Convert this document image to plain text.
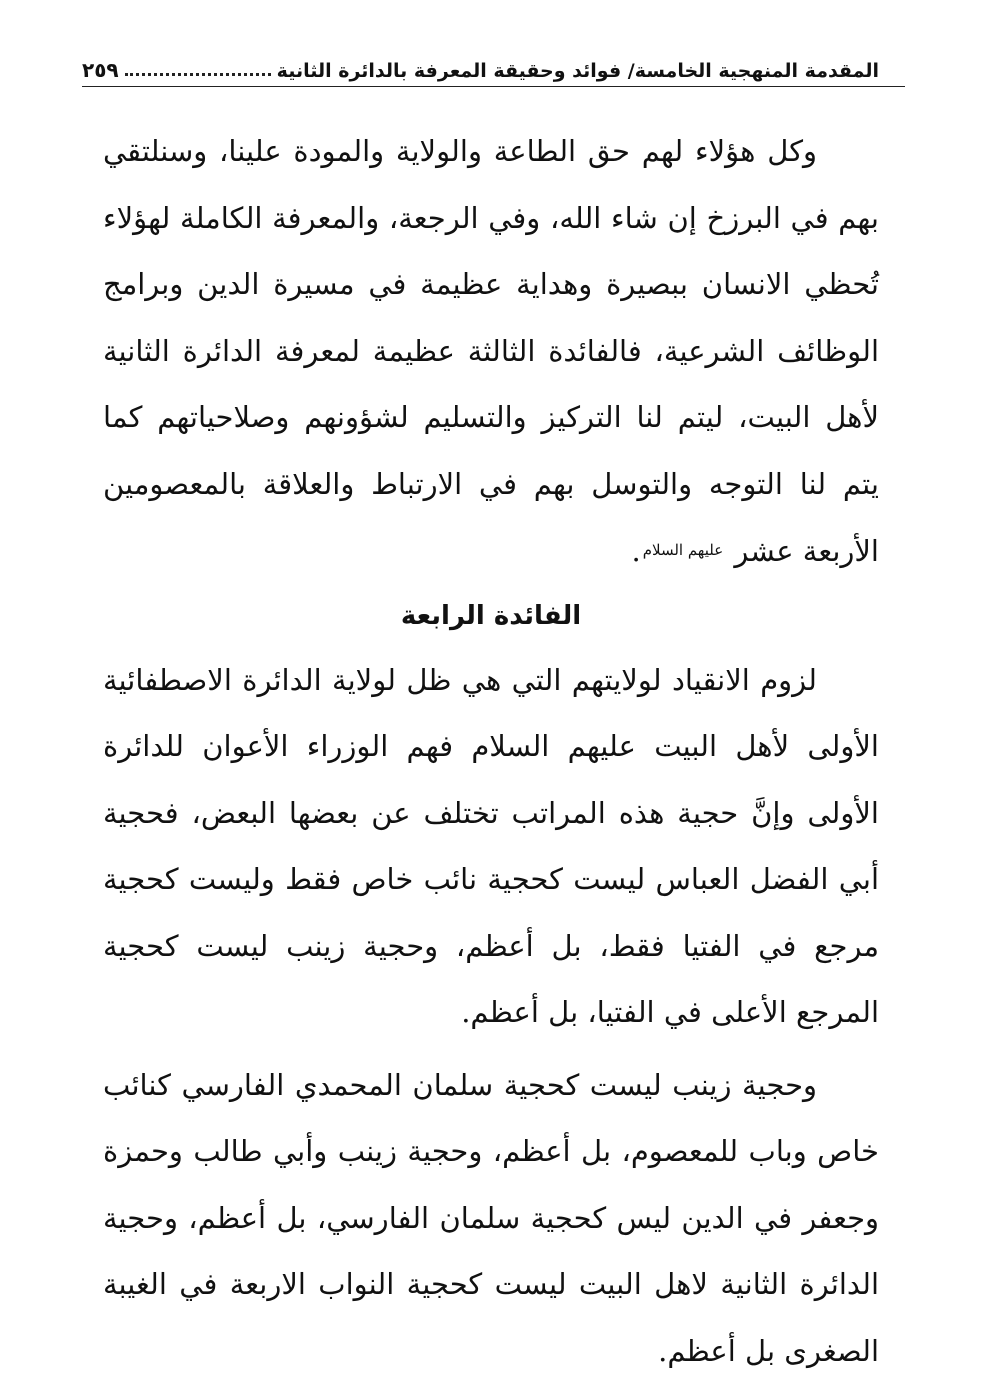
المقدمة المنهجية الخامسة/ فوائد وحقيقة المعرفة بالدائرة الثانية
٢٥٩

وكل هؤلاء لهم حق الطاعة والولاية والمودة علينا، وسنلتقي بهم في البرزخ إن شاء الله، وفي الرجعة، والمعرفة الكاملة لهؤلاء تُحظي الانسان ببصيرة وهداية عظيمة في مسيرة الدين وبرامج الوظائف الشرعية، فالفائدة الثالثة عظيمة لمعرفة الدائرة الثانية لأهل البيت، ليتم لنا التركيز والتسليم لشؤونهم وصلاحياتهم كما يتم لنا التوجه والتوسل بهم في الارتباط والعلاقة بالمعصومين الأربعة عشر $^{عليهم السلام}$.

الفائدة الرابعة

لزوم الانقياد لولايتهم التي هي ظل لولاية الدائرة الاصطفائية الأولى لأهل البيت عليهم السلام فهم الوزراء الأعوان للدائرة الأولى وإنَّ حجية هذه المراتب تختلف عن بعضها البعض، فحجية أبي الفضل العباس ليست كحجية نائب خاص فقط وليست كحجية مرجع في الفتيا فقط، بل أعظم، وحجية زينب ليست كحجية المرجع الأعلى في الفتيا، بل أعظم.

وحجية زينب ليست كحجية سلمان المحمدي الفارسي كنائب خاص وباب للمعصوم، بل أعظم، وحجية زينب وأبي طالب وحمزة وجعفر في الدين ليس كحجية سلمان الفارسي، بل أعظم، وحجية الدائرة الثانية لاهل البيت ليست كحجية النواب الاربعة في الغيبة الصغرى بل أعظم.
